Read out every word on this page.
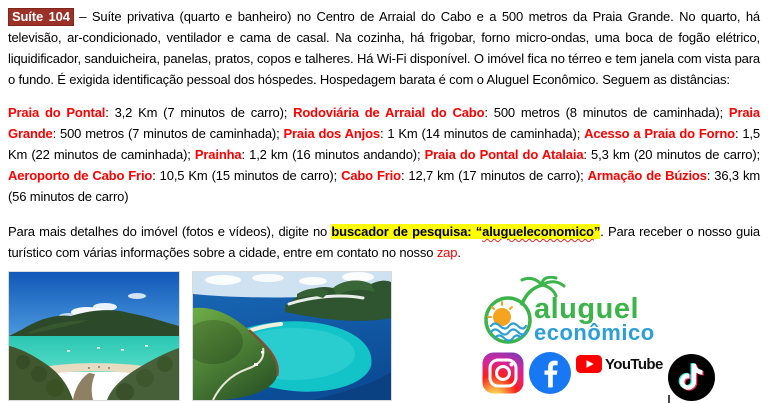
Suíte 104 – Suíte privativa (quarto e banheiro) no Centro de Arraial do Cabo e a 500 metros da Praia Grande. No quarto, há televisão, ar-condicionado, ventilador e cama de casal. Na cozinha, há frigobar, forno micro-ondas, uma boca de fogão elétrico, liquidificador, sanduicheira, panelas, pratos, copos e talheres. Há Wi-Fi disponível. O imóvel fica no térreo e tem janela com vista para o fundo. É exigida identificação pessoal dos hóspedes. Hospedagem barata é com o Aluguel Econômico. Seguem as distâncias:

Praia do Pontal: 3,2 Km (7 minutos de carro); Rodoviária de Arraial do Cabo: 500 metros (8 minutos de caminhada); Praia Grande: 500 metros (7 minutos de caminhada); Praia dos Anjos: 1 Km (14 minutos de caminhada); Acesso a Praia do Forno: 1,5 Km (22 minutos de caminhada); Prainha: 1,2 km (16 minutos andando); Praia do Pontal do Atalaia: 5,3 km (20 minutos de carro); Aeroporto de Cabo Frio: 10,5 Km (15 minutos de carro); Cabo Frio: 12,7 km (17 minutos de carro); Armação de Búzios: 36,3 km (56 minutos de carro)

Para mais detalhes do imóvel (fotos e vídeos), digite no buscador de pesquisa: “alugueleconomico”. Para receber o nosso guia turístico com várias informações sobre a cidade, entre em contato no nosso zap.

aluguel
econômico
YouTube
